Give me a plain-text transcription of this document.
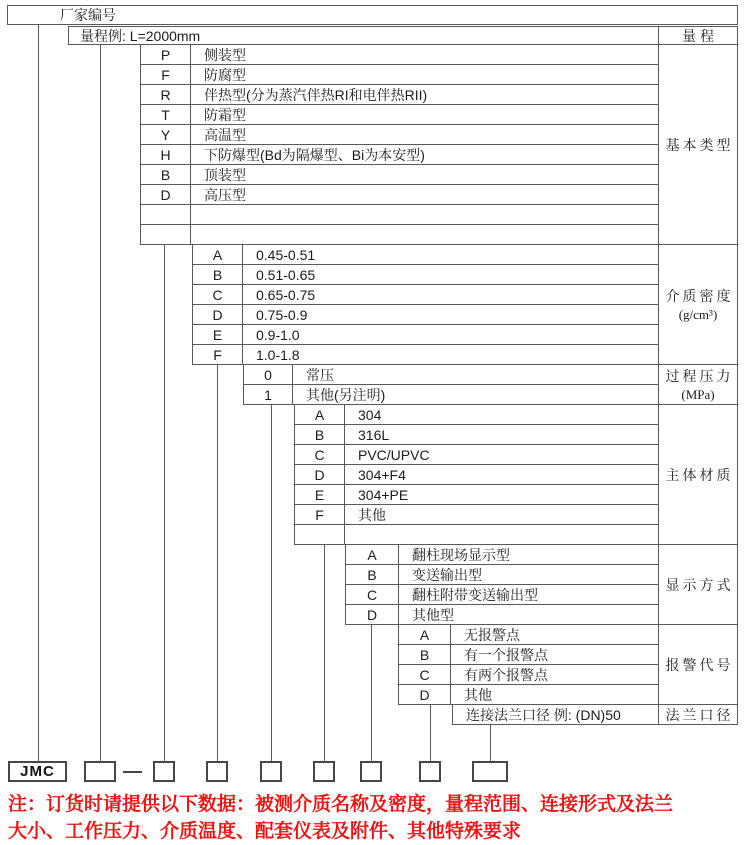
厂家编号
量程例: L=2000mm	量程
注：订货时请提供以下数据：被测介质名称及密度，量程范围、连接形式及法兰
大小、工作压力、介质温度、配套仪表及附件、其他特殊要求
P	侧装型
F	防腐型
R	伴热型(分为蒸汽伴热RI和电伴热RII)
T	防霜型
Y	高温型
H	下防爆型(Bd为隔爆型、Bi为本安型)
B	顶装型
D	高压型
基本类型
A	0.45-0.51
B	0.51-0.65
C	0.65-0.75
D	0.75-0.9
E	0.9-1.0
F	1.0-1.8
介质密度
(g/cm³)
0	常压
1	其他(另注明)
过程压力
(MPa)
A	304
B	316L
C	PVC/UPVC
D	304+F4
E	304+PE
F	其他
主体材质
A	翻柱现场显示型
B	变送输出型
C	翻柱附带变送输出型
D	其他型
显示方式
A	无报警点
B	有一个报警点
C	有两个报警点
D	其他
报警代号
连接法兰口径 例: (DN)50	法兰口径
JMC
